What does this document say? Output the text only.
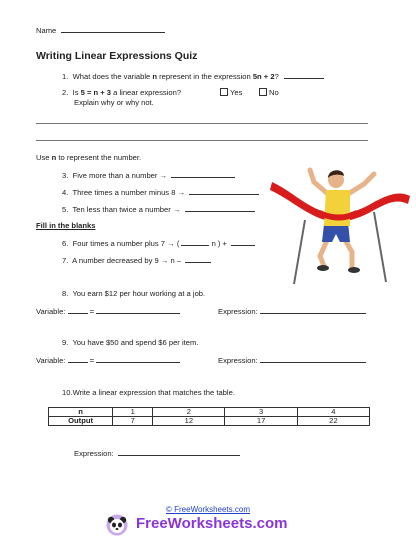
Name
Writing Linear Expressions Quiz
1. What does the variable n represent in the expression 5n + 2?
2. Is 5 = n + 3 a linear expression?	Yes	No
Explain why or why not.
Use n to represent the number.
3. Five more than a number →
4. Three times a number minus 8 →
5. Ten less than twice a number →
Fill in the blanks
6. Four times a number plus 7 → (	n ) +
7. A number decreased by 9 → n –
8. You earn $12 per hour working at a job.
Variable:	=	Expression:
9. You have $50 and spend $6 per item.
Variable:	=	Expression:
10.Write a linear expression that matches the table.
n	1	2	3	4
Output	7	12	17	22
Expression:
© FreeWorksheets.com
FreeWorksheets.com
